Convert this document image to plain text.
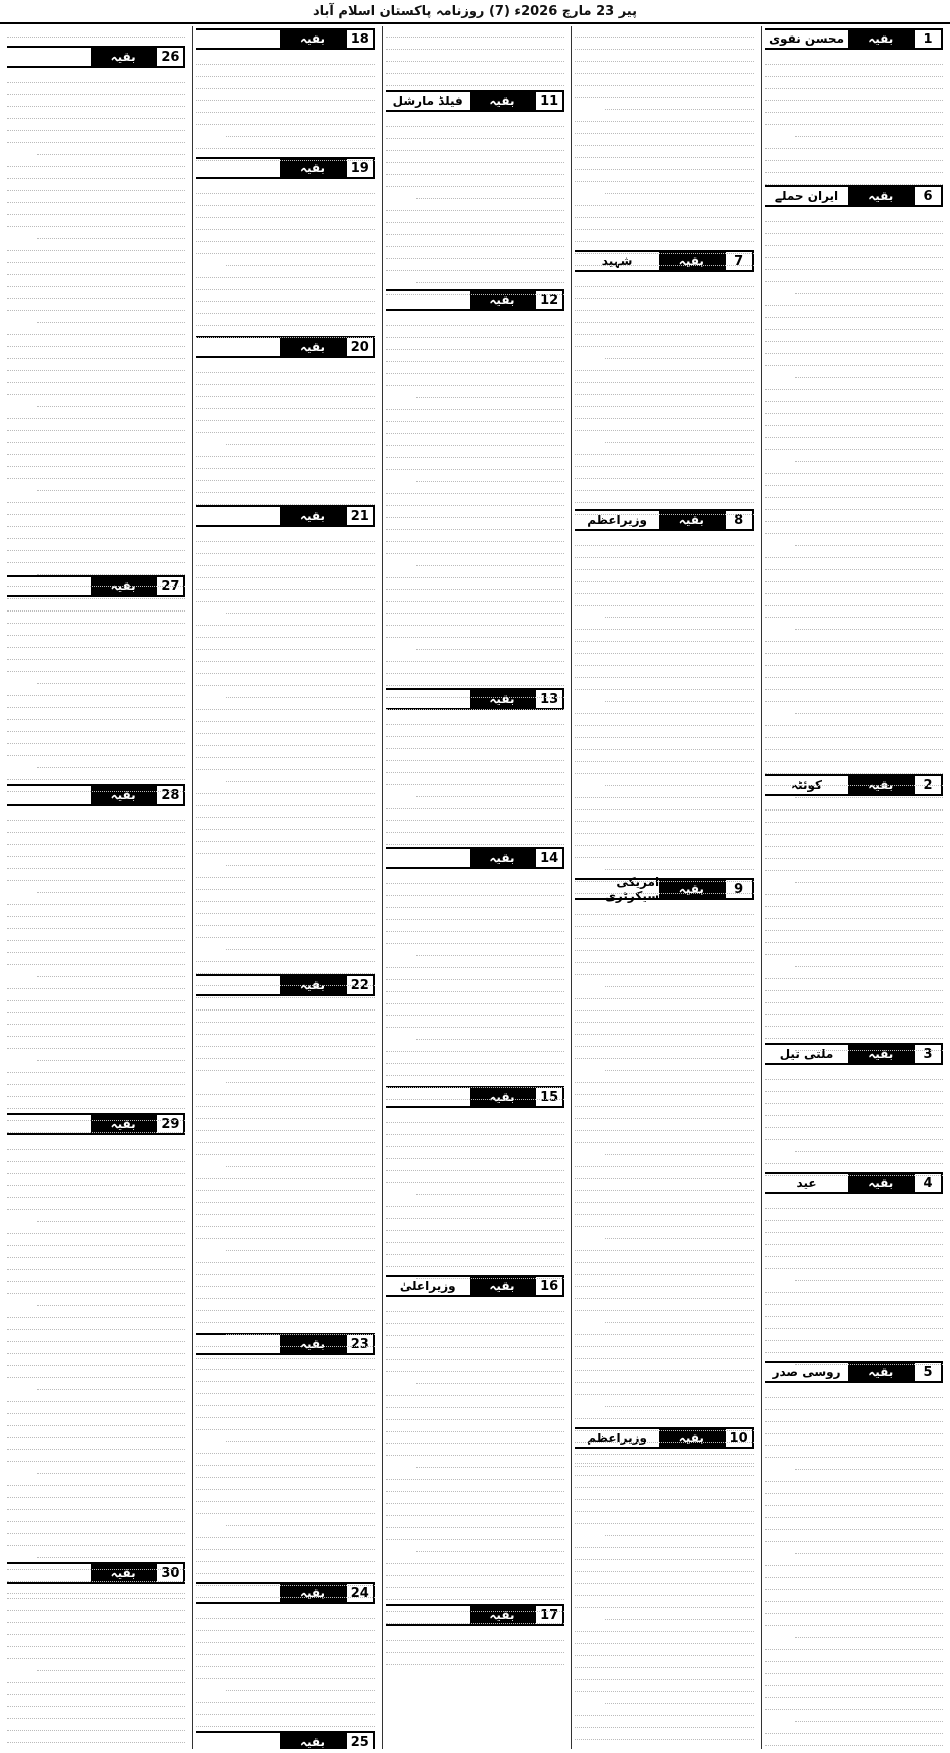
پیر 23 مارچ 2026ء (7) روزنامہ پاکستان اسلام آباد
1
بقیہ
محسن نقوی
6
بقیہ
ایران حملے
2
بقیہ
کوئٹہ
3
بقیہ
ملتی تیل
4
بقیہ
عید
5
بقیہ
روسی صدر
7
بقیہ
شہید
8
بقیہ
وزیراعظم
9
بقیہ
امریکی سیکرٹری
10
بقیہ
وزیراعظم
11
بقیہ
فیلڈ مارشل
12
بقیہ
13
بقیہ
14
بقیہ
15
بقیہ
16
بقیہ
وزیراعلیٰ
17
بقیہ
18
بقیہ
19
بقیہ
20
بقیہ
21
بقیہ
22
بقیہ
23
بقیہ
24
بقیہ
25
بقیہ
26
بقیہ
27
بقیہ
28
بقیہ
29
بقیہ
30
بقیہ
